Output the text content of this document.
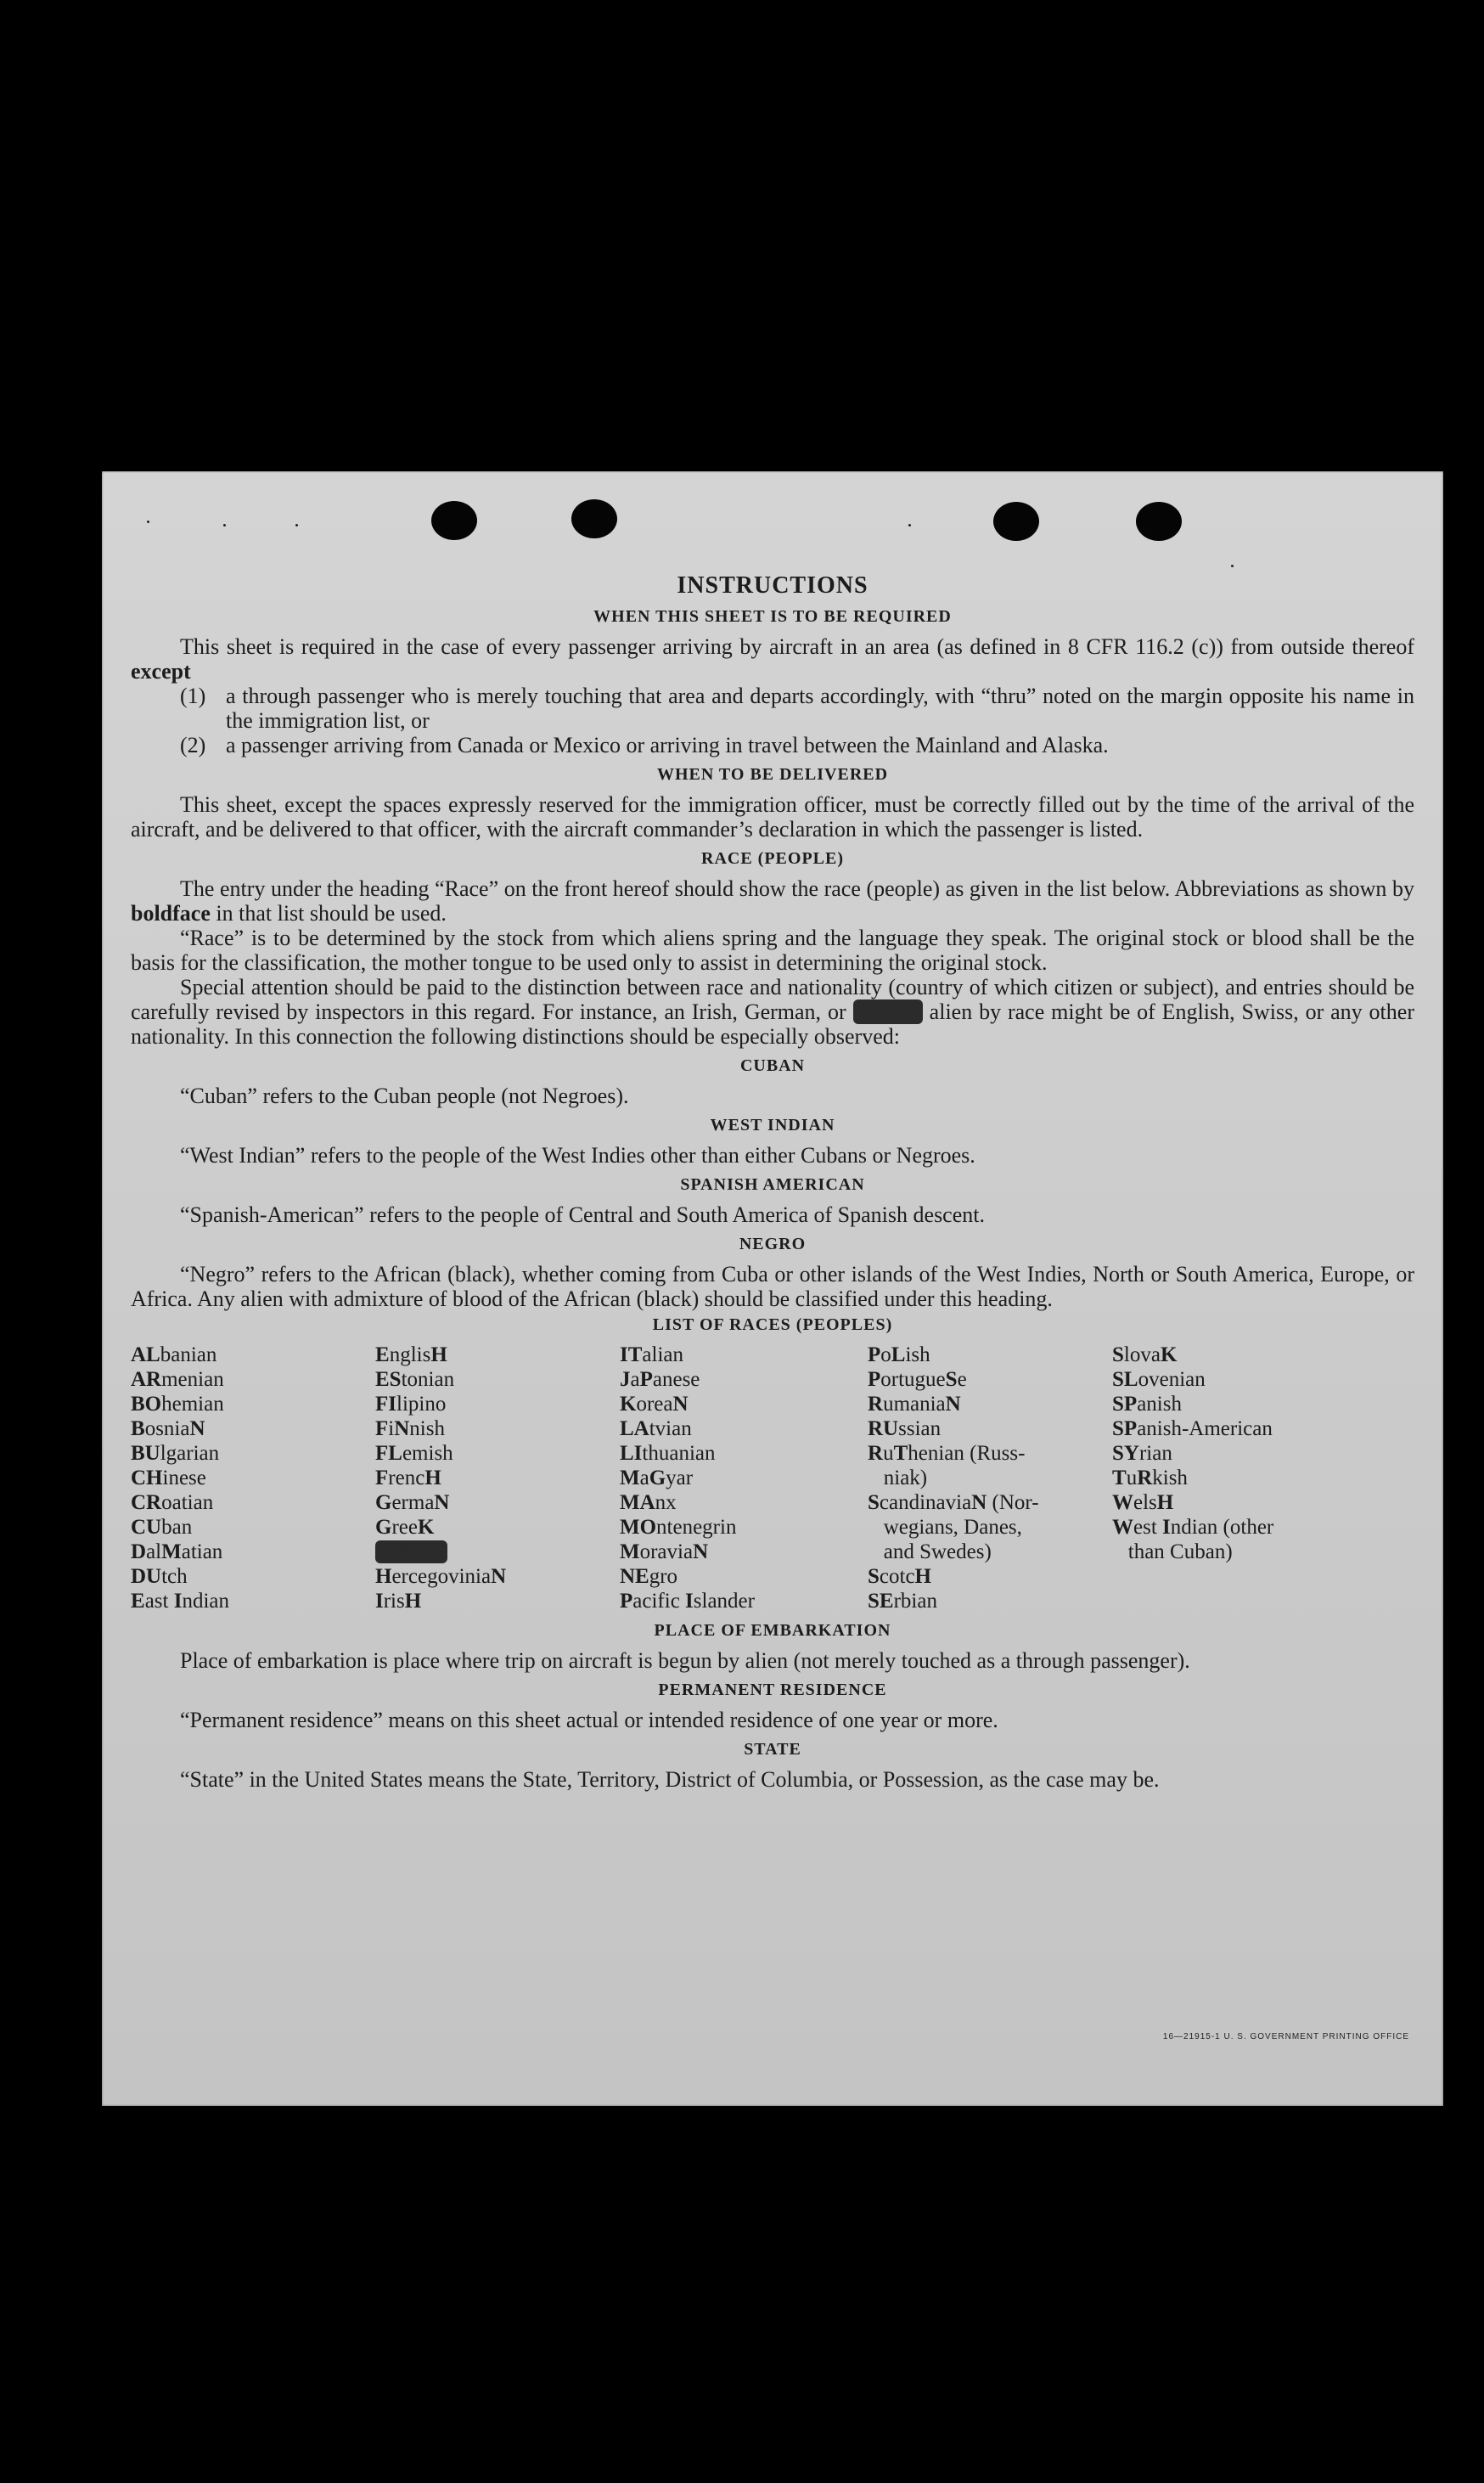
INSTRUCTIONS
WHEN THIS SHEET IS TO BE REQUIRED

This sheet is required in the case of every passenger arriving by aircraft in an area (as defined in 8 CFR 116.2 (c)) from outside thereof except

(1) a through passenger who is merely touching that area and departs accordingly, with “thru” noted on the margin opposite his name in the immigration list, or
(2) a passenger arriving from Canada or Mexico or arriving in travel between the Mainland and Alaska.
WHEN TO BE DELIVERED

This sheet, except the spaces expressly reserved for the immigration officer, must be correctly filled out by the time of the arrival of the aircraft, and be delivered to that officer, with the aircraft commander’s declaration in which the passenger is listed.

RACE (PEOPLE)

The entry under the heading “Race” on the front hereof should show the race (people) as given in the list below. Abbreviations as shown by boldface in that list should be used.

“Race” is to be determined by the stock from which aliens spring and the language they speak. The original stock or blood shall be the basis for the classification, the mother tongue to be used only to assist in determining the original stock.

Special attention should be paid to the distinction between race and nationality (country of which citizen or subject), and entries should be carefully revised by inspectors in this regard. For instance, an Irish, German, or Hebrew alien by race might be of English, Swiss, or any other nationality. In this connection the following distinctions should be especially observed:

CUBAN

“Cuban” refers to the Cuban people (not Negroes).

WEST INDIAN

“West Indian” refers to the people of the West Indies other than either Cubans or Negroes.

SPANISH AMERICAN

“Spanish-American” refers to the people of Central and South America of Spanish descent.

NEGRO

“Negro” refers to the African (black), whether coming from Cuba or other islands of the West Indies, North or South America, Europe, or Africa. Any alien with admixture of blood of the African (black) should be classified under this heading.

LIST OF RACES (PEOPLES)
ALbanian
ARmenian
BOhemian
BosniaN
BUlgarian
CHinese
CRoatian
CUban
DalMatian
DUtch
East Indian
EnglisH
EStonian
FIlipino
FiNnish
FLemish
FrencH
GermaN
GreeK
HebreW
HercegoviniaN
IrisH
ITalian
JaPanese
KoreaN
LAtvian
LIthuanian
MaGyar
MAnx
MOntenegrin
MoraviaN
NEgro
Pacific Islander
PoLish
PortugueSe
RumaniaN
RUssian
RuThenian (Russ-
niak)
ScandinaviaN (Nor-
wegians, Danes,
and Swedes)
ScotcH
SErbian
SlovaK
SLovenian
SPanish
SPanish-American
SYrian
TuRkish
WelsH
West Indian (other
than Cuban)
PLACE OF EMBARKATION

Place of embarkation is place where trip on aircraft is begun by alien (not merely touched as a through passenger).

PERMANENT RESIDENCE

“Permanent residence” means on this sheet actual or intended residence of one year or more.

STATE

“State” in the United States means the State, Territory, District of Columbia, or Possession, as the case may be.

16—21915-1 U. S. GOVERNMENT PRINTING OFFICE
